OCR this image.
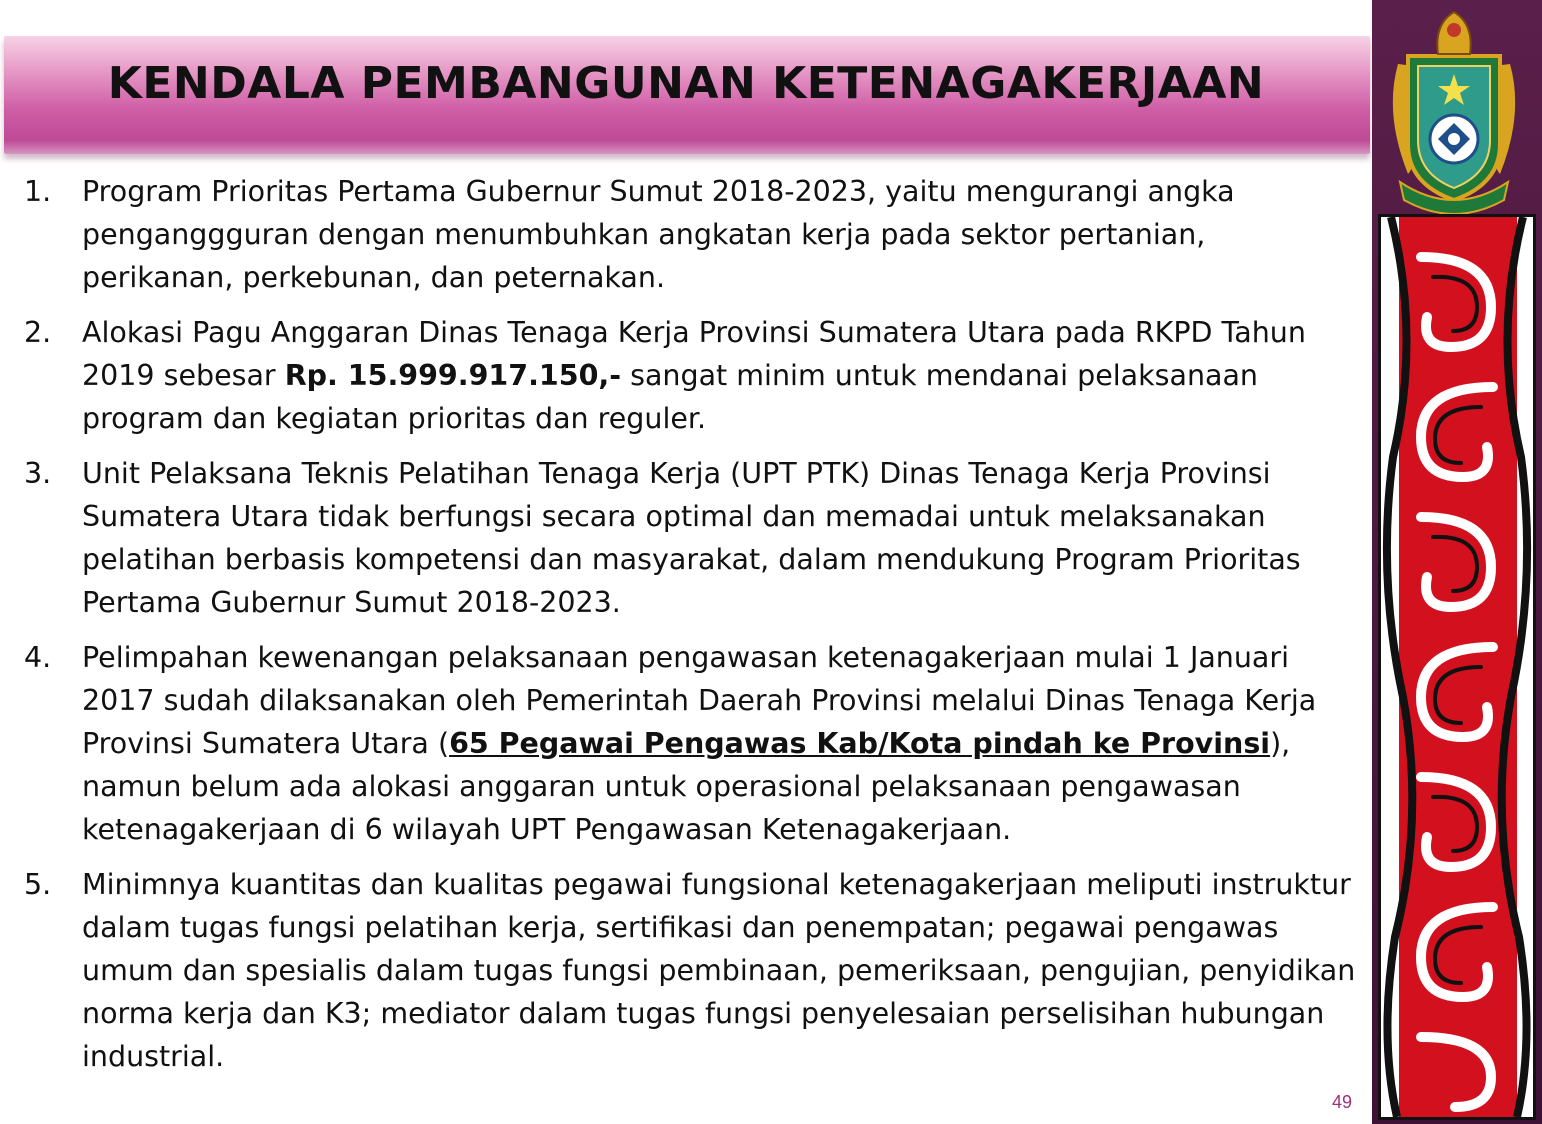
KENDALA PEMBANGUNAN KETENAGAKERJAAN
1.	Program Prioritas Pertama Gubernur Sumut 2018-2023, yaitu mengurangi angka penganggguran dengan menumbuhkan angkatan kerja pada sektor pertanian, perikanan, perkebunan, dan peternakan.
2.	Alokasi Pagu Anggaran Dinas Tenaga Kerja Provinsi Sumatera Utara pada RKPD Tahun 2019 sebesar Rp. 15.999.917.150,- sangat minim untuk mendanai pelaksanaan program dan kegiatan prioritas dan reguler.
3.	Unit Pelaksana Teknis Pelatihan Tenaga Kerja (UPT PTK) Dinas Tenaga Kerja Provinsi Sumatera Utara tidak berfungsi secara optimal dan memadai untuk melaksanakan pelatihan berbasis kompetensi dan masyarakat, dalam mendukung Program Prioritas Pertama Gubernur Sumut 2018-2023.
4.	Pelimpahan kewenangan pelaksanaan pengawasan ketenagakerjaan mulai 1 Januari 2017 sudah dilaksanakan oleh Pemerintah Daerah Provinsi melalui Dinas Tenaga Kerja Provinsi Sumatera Utara (65 Pegawai Pengawas Kab/Kota pindah ke Provinsi), namun belum ada alokasi anggaran untuk operasional pelaksanaan pengawasan ketenagakerjaan di 6 wilayah UPT Pengawasan Ketenagakerjaan.
5.	Minimnya kuantitas dan kualitas pegawai fungsional ketenagakerjaan meliputi instruktur dalam tugas fungsi pelatihan kerja, sertifikasi dan penempatan; pegawai pengawas umum dan spesialis dalam tugas fungsi pembinaan, pemeriksaan, pengujian, penyidikan norma kerja dan K3; mediator dalam tugas fungsi penyelesaian perselisihan hubungan industrial.
49
